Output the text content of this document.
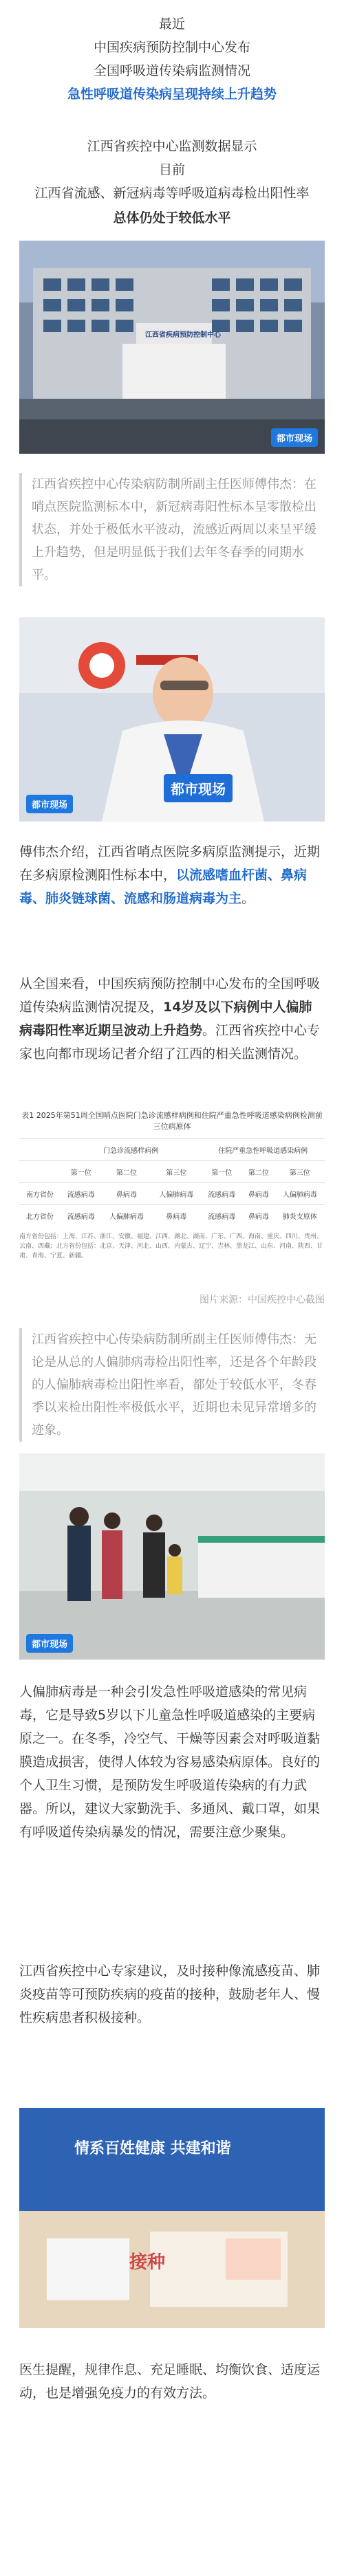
最近
中国疾病预防控制中心发布
全国呼吸道传染病监测情况
急性呼吸道传染病呈现持续上升趋势
江西省疾控中心监测数据显示
目前
江西省流感、新冠病毒等呼吸道病毒检出阳性率
总体仍处于较低水平
江西省疾病预防控制中心
都市现场
江西省疾控中心传染病防制所副主任医师傅伟杰：在哨点医院监测标本中，新冠病毒阳性标本呈零散检出状态，并处于极低水平波动，流感近两周以来呈平缓上升趋势，但是明显低于我们去年冬春季的同期水平。
都市现场
都市现场
傅伟杰介绍，江西省哨点医院多病原监测提示，近期在多病原检测阳性标本中，以流感嗜血杆菌、鼻病毒、肺炎链球菌、流感和肠道病毒为主。
从全国来看，中国疾病预防控制中心发布的全国呼吸道传染病监测情况提及，14岁及以下病例中人偏肺病毒阳性率近期呈波动上升趋势。江西省疾控中心专家也向都市现场记者介绍了江西的相关监测情况。
表1 2025年第51周全国哨点医院门急诊流感样病例和住院严重急性呼吸道感染病例检测前三位病原体
	门急诊流感样病例			住院严重急性呼吸道感染病例		
	第一位	第二位	第三位	第一位	第二位	第三位
南方省份	流感病毒	鼻病毒	人偏肺病毒	流感病毒	鼻病毒	人偏肺病毒
北方省份	流感病毒	人偏肺病毒	鼻病毒	流感病毒	鼻病毒	肺炎支原体
南方省份包括：上海、江苏、浙江、安徽、福建、江西、湖北、湖南、广东、广西、海南、重庆、四川、贵州、云南、西藏；北方省份包括：北京、天津、河北、山西、内蒙古、辽宁、吉林、黑龙江、山东、河南、陕西、甘肃、青海、宁夏、新疆。
图片来源：中国疾控中心截图
江西省疾控中心传染病防制所副主任医师傅伟杰：无论是从总的人偏肺病毒检出阳性率，还是各个年龄段的人偏肺病毒检出阳性率看，都处于较低水平，冬春季以来检出阳性率极低水平，近期也未见异常增多的迹象。
都市现场
人偏肺病毒是一种会引发急性呼吸道感染的常见病毒，它是导致5岁以下儿童急性呼吸道感染的主要病原之一。在冬季，冷空气、干燥等因素会对呼吸道黏膜造成损害，使得人体较为容易感染病原体。良好的个人卫生习惯，是预防发生呼吸道传染病的有力武器。所以，建议大家勤洗手、多通风、戴口罩，如果有呼吸道传染病暴发的情况，需要注意少聚集。
江西省疾控中心专家建议，及时接种像流感疫苗、肺炎疫苗等可预防疾病的疫苗的接种，鼓励老年人、慢性疾病患者积极接种。
情系百姓健康 共建和谐
接种
医生提醒，规律作息、充足睡眠、均衡饮食、适度运动，也是增强免疫力的有效方法。
